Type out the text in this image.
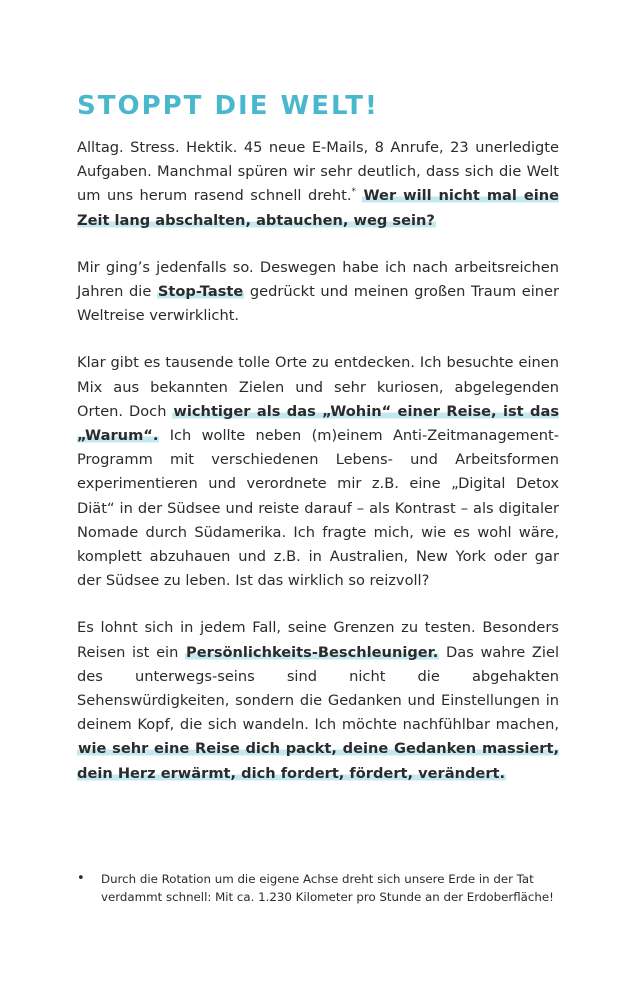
STOPPT DIE WELT!

Alltag. Stress. Hektik. 45 neue E-Mails, 8 Anrufe, 23 unerledigte Aufgaben. Manchmal spüren wir sehr deutlich, dass sich die Welt um uns herum rasend schnell dreht.* Wer will nicht mal eine Zeit lang abschalten, abtauchen, weg sein?

Mir ging’s jedenfalls so. Deswegen habe ich nach arbeitsreichen Jahren die Stop-Taste gedrückt und meinen großen Traum einer Weltreise verwirklicht.

Klar gibt es tausende tolle Orte zu entdecken. Ich besuchte einen Mix aus bekannten Zielen und sehr kuriosen, abgelegenden Orten. Doch wichtiger als das „Wohin“ einer Reise, ist das „Warum“. Ich wollte neben (m)einem Anti-Zeitmanagement-Programm mit verschiedenen Lebens- und Arbeitsformen experimentieren und verordnete mir z.B. eine „Digital Detox Diät“ in der Südsee und reiste darauf – als Kontrast – als digitaler Nomade durch Südamerika. Ich fragte mich, wie es wohl wäre, komplett abzuhauen und z.B. in Australien, New York oder gar der Südsee zu leben. Ist das wirklich so reizvoll?

Es lohnt sich in jedem Fall, seine Grenzen zu testen. Besonders Reisen ist ein Persönlichkeits-Beschleuniger. Das wahre Ziel des unterwegs-seins sind nicht die abgehakten Sehenswürdigkeiten, sondern die Gedanken und Einstellungen in deinem Kopf, die sich wandeln. Ich möchte nachfühlbar machen, wie sehr eine Reise dich packt, deine Gedanken massiert, dein Herz erwärmt, dich fordert, fördert, verändert.

•	Durch die Rotation um die eigene Achse dreht sich unsere Erde in der Tat verdammt schnell: Mit ca. 1.230 Kilometer pro Stunde an der Erdoberfläche!
